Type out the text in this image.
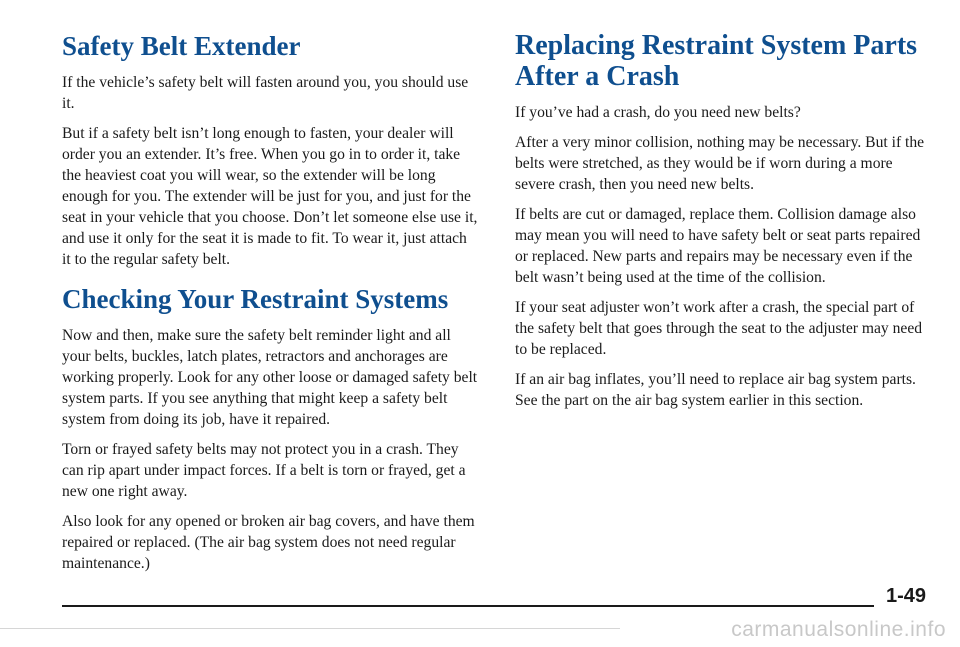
Safety Belt Extender

If the vehicle’s safety belt will fasten around you, you should use it.

But if a safety belt isn’t long enough to fasten, your dealer will order you an extender. It’s free. When you go in to order it, take the heaviest coat you will wear, so the extender will be long enough for you. The extender will be just for you, and just for the seat in your vehicle that you choose. Don’t let someone else use it, and use it only for the seat it is made to fit. To wear it, just attach it to the regular safety belt.

Checking Your Restraint Systems

Now and then, make sure the safety belt reminder light and all your belts, buckles, latch plates, retractors and anchorages are working properly. Look for any other loose or damaged safety belt system parts. If you see anything that might keep a safety belt system from doing its job, have it repaired.

Torn or frayed safety belts may not protect you in a crash. They can rip apart under impact forces. If a belt is torn or frayed, get a new one right away.

Also look for any opened or broken air bag covers, and have them repaired or replaced. (The air bag system does not need regular maintenance.)

Replacing Restraint System Parts After a Crash

If you’ve had a crash, do you need new belts?

After a very minor collision, nothing may be necessary. But if the belts were stretched, as they would be if worn during a more severe crash, then you need new belts.

If belts are cut or damaged, replace them. Collision damage also may mean you will need to have safety belt or seat parts repaired or replaced. New parts and repairs may be necessary even if the belt wasn’t being used at the time of the collision.

If your seat adjuster won’t work after a crash, the special part of the safety belt that goes through the seat to the adjuster may need to be replaced.

If an air bag inflates, you’ll need to replace air bag system parts. See the part on the air bag system earlier in this section.

1-49
carmanualsonline.info
